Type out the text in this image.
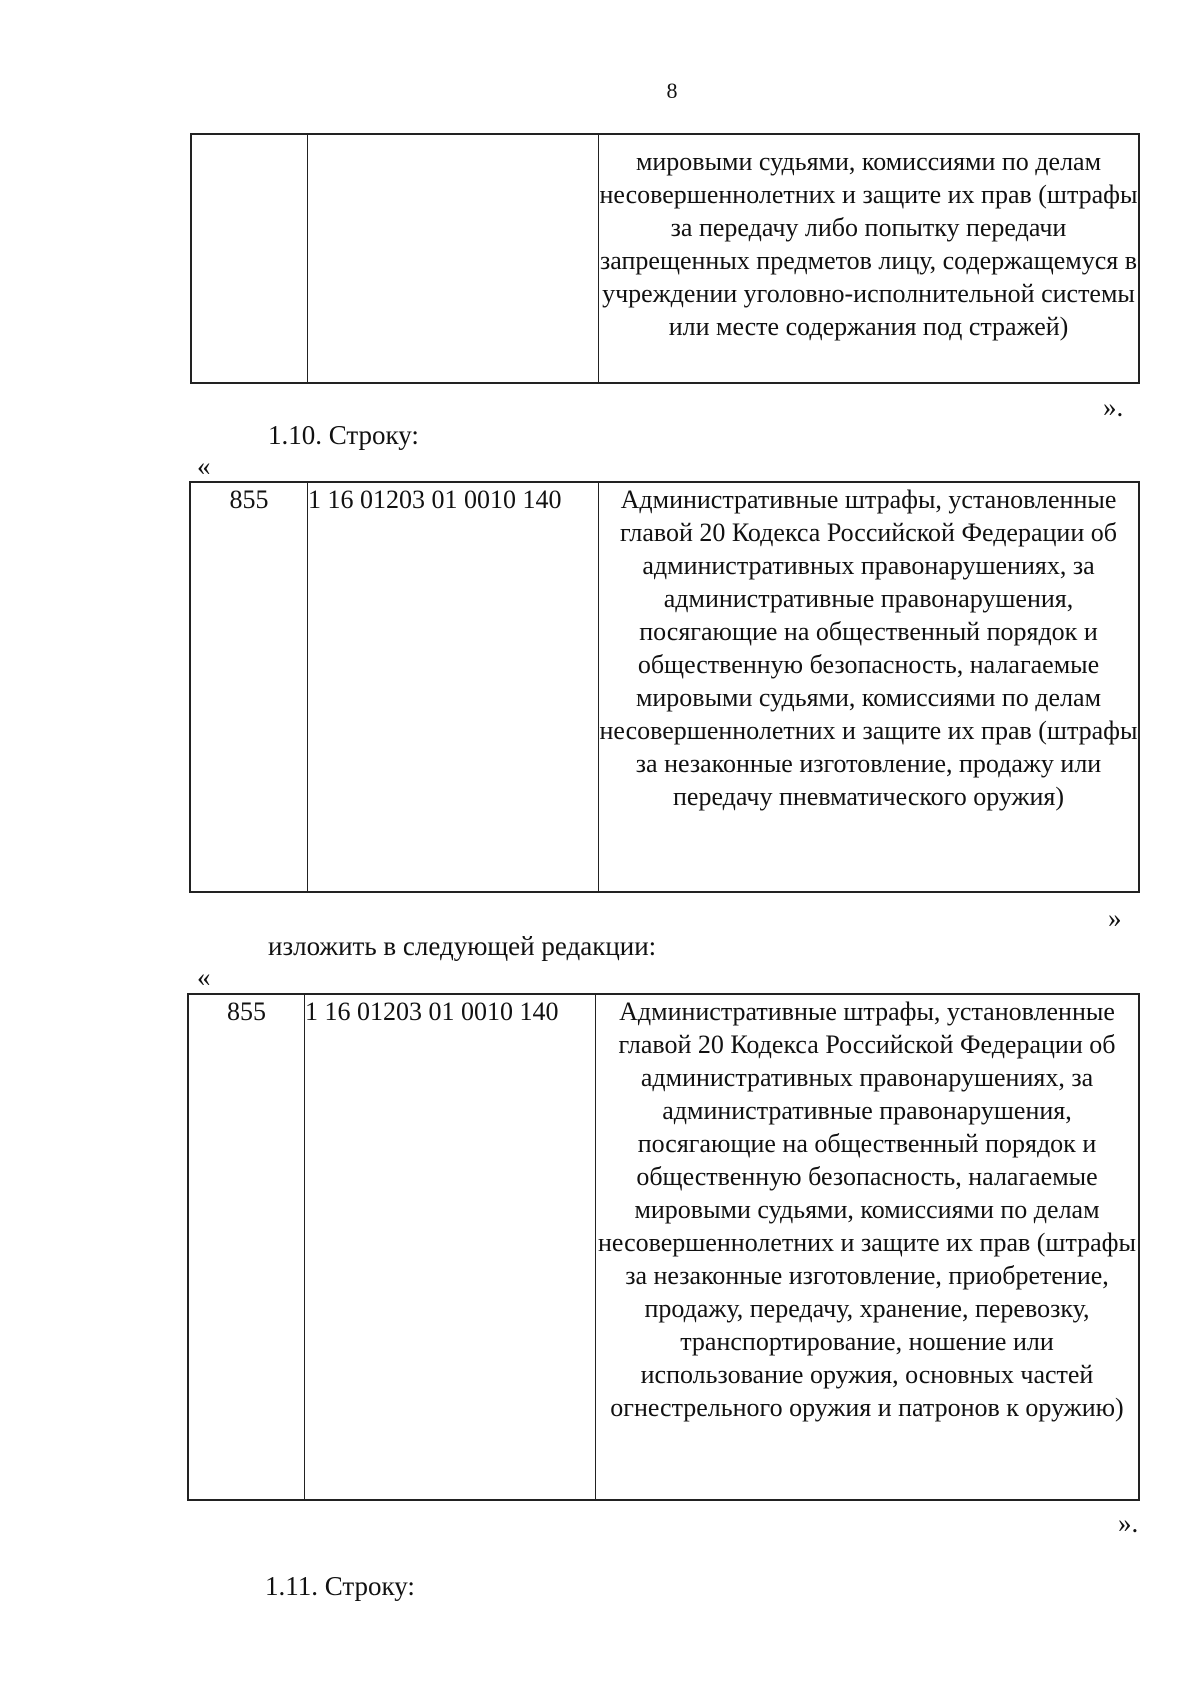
8
		мировыми судьями, комиссиями по делам несовершеннолетних и защите их прав (штрафы за передачу либо попытку передачи запрещенных предметов лицу, содержащемуся в учреждении уголовно-исполнительной системы или месте содержания под стражей)
».
1.10. Строку:
«
855	1 16 01203 01 0010 140	Административные штрафы, установленные главой 20 Кодекса Российской Федерации об административных правонарушениях, за административные правонарушения, посягающие на общественный порядок и общественную безопасность, налагаемые мировыми судьями, комиссиями по делам несовершеннолетних и защите их прав (штрафы за незаконные изготовление, продажу или передачу пневматического оружия)
»
изложить в следующей редакции:
«
855	1 16 01203 01 0010 140	Административные штрафы, установленные главой 20 Кодекса Российской Федерации об административных правонарушениях, за административные правонарушения, посягающие на общественный порядок и общественную безопасность, налагаемые мировыми судьями, комиссиями по делам несовершеннолетних и защите их прав (штрафы за незаконные изготовление, приобретение, продажу, передачу, хранение, перевозку, транспортирование, ношение или использование оружия, основных частей огнестрельного оружия и патронов к оружию)
».
1.11. Строку:
